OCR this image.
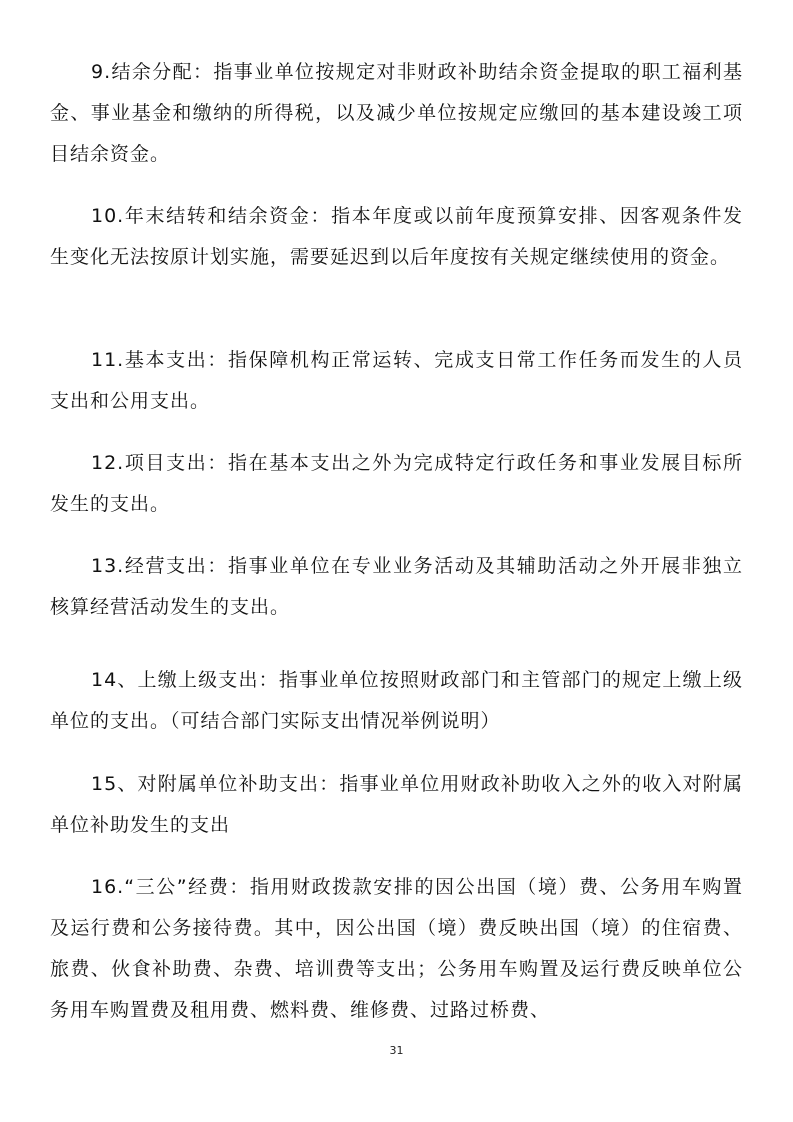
9.结余分配：指事业单位按规定对非财政补助结余资金提取的职工福利基金、事业基金和缴纳的所得税，以及减少单位按规定应缴回的基本建设竣工项目结余资金。

10.年末结转和结余资金：指本年度或以前年度预算安排、因客观条件发生变化无法按原计划实施，需要延迟到以后年度按有关规定继续使用的资金。

11.基本支出：指保障机构正常运转、完成支日常工作任务而发生的人员支出和公用支出。

12.项目支出：指在基本支出之外为完成特定行政任务和事业发展目标所发生的支出。

13.经营支出：指事业单位在专业业务活动及其辅助活动之外开展非独立核算经营活动发生的支出。

14、上缴上级支出：指事业单位按照财政部门和主管部门的规定上缴上级单位的支出。（可结合部门实际支出情况举例说明）

15、对附属单位补助支出：指事业单位用财政补助收入之外的收入对附属单位补助发生的支出

16.“三公”经费：指用财政拨款安排的因公出国（境）费、公务用车购置及运行费和公务接待费。其中，因公出国（境）费反映出国（境）的住宿费、旅费、伙食补助费、杂费、培训费等支出；公务用车购置及运行费反映单位公务用车购置费及租用费、燃料费、维修费、过路过桥费、

31
